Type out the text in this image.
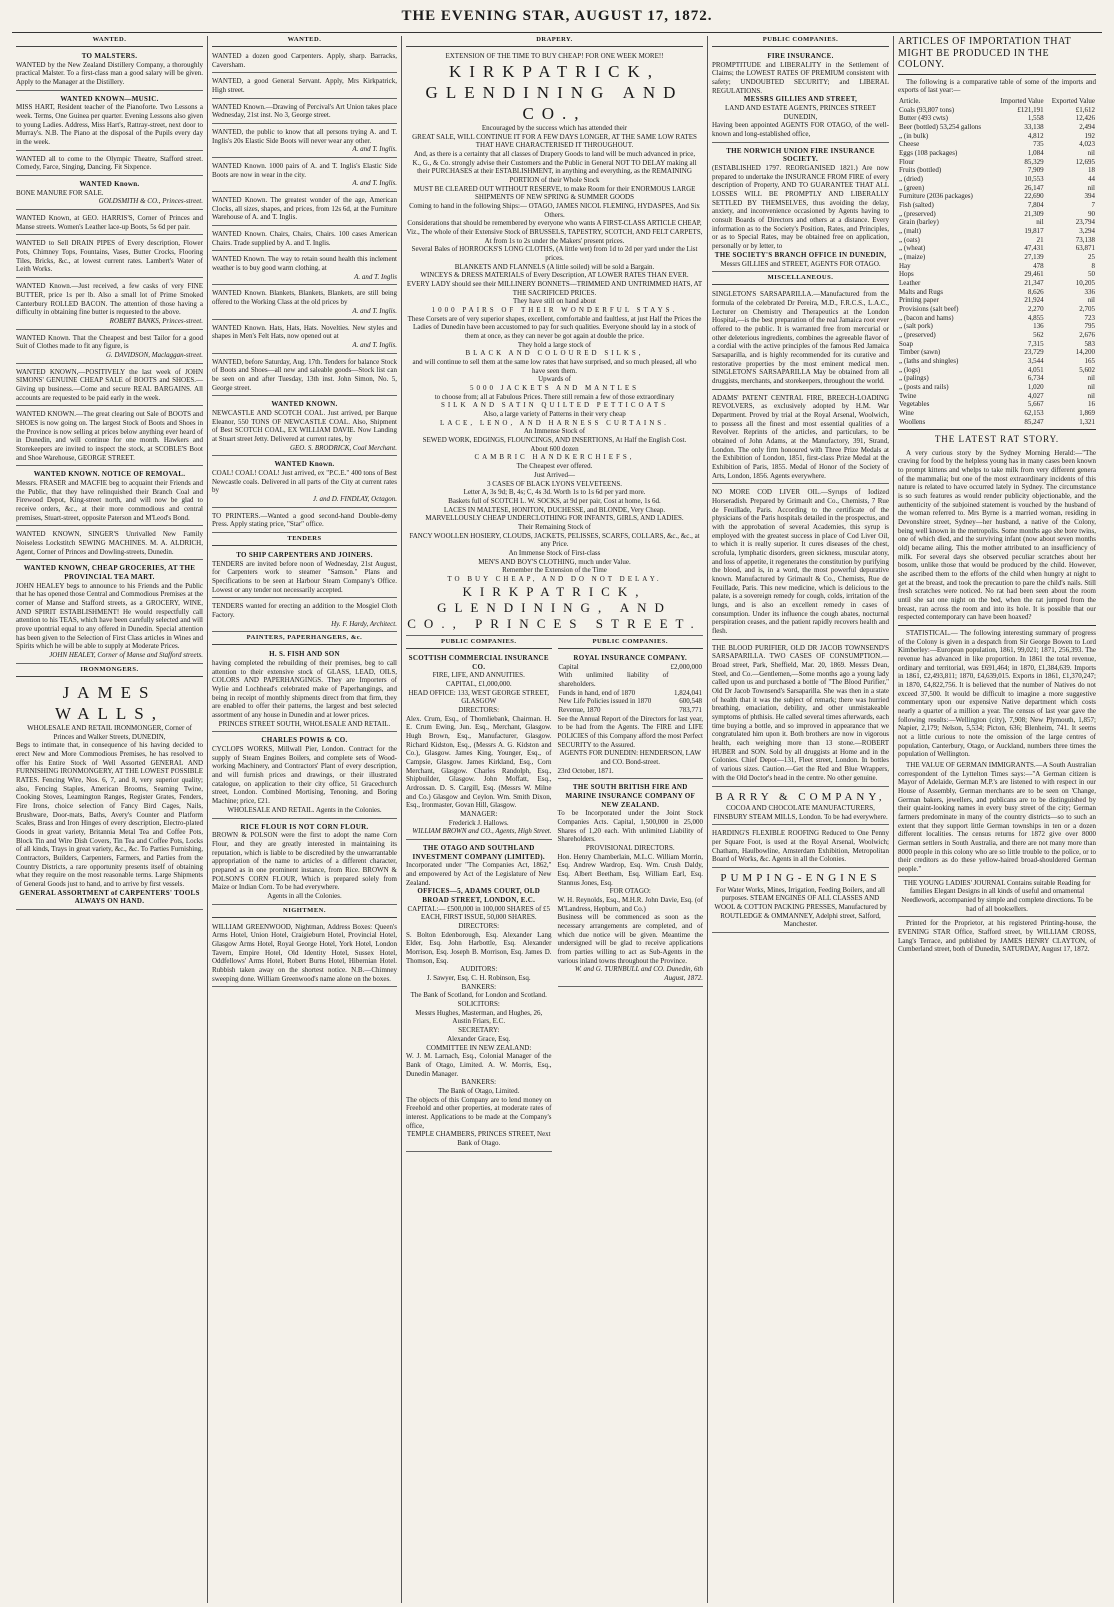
THE EVENING STAR, AUGUST 17, 1872.
WANTED.
TO MALSTERS.
WANTED by the New Zealand Distillery Company, a thoroughly practical Malster. To a first-class man a good salary will be given. Apply to the Manager at the Distillery.
WANTED KNOWN—MUSIC.
MISS HART, Resident teacher of the Pianoforte. Two Lessons a week. Terms, One Guinea per quarter. Evening Lessons also given to young Ladies. Address, Miss Hart's, Rattray-street, next door to Murray's. N.B. The Piano at the disposal of the Pupils every day in the week.
WANTED all to come to the Olympic Theatre, Stafford street. Comedy, Farce, Singing, Dancing. Fit Sixpence.
WANTED Known.
BONE MANURE FOR SALE.
GOLDSMITH & CO., Princes-street.
WANTED Known, at GEO. HARRIS'S, Corner of Princes and Manse streets. Women's Leather lace-up Boots, 5s 6d per pair.
WANTED to Sell DRAIN PIPES of Every description, Flower Pots, Chimney Tops, Fountains, Vases, Butter Crocks, Flooring Tiles, Bricks, &c., at lowest current rates. Lambert's Water of Leith Works.
WANTED Known.—Just received, a few casks of very FINE BUTTER, price 1s per lb. Also a small lot of Prime Smoked Canterbury ROLLED BACON. The attention of those having a difficulty in obtaining fine butter is requested to the above.
ROBERT BANKS, Princes-street.
WANTED Known. That the Cheapest and best Tailor for a good Suit of Clothes made to fit any figure, is
G. DAVIDSON, Maclaggan-street.
WANTED KNOWN,—POSITIVELY the last week of JOHN SIMONS' GENUINE CHEAP SALE of BOOTS and SHOES.—Giving up business.—Come and secure REAL BARGAINS. All accounts are requested to be paid early in the week.
WANTED KNOWN.—The great clearing out Sale of BOOTS and SHOES is now going on. The largest Stock of Boots and Shoes in the Province is now selling at prices below anything ever heard of in Dunedin, and will continue for one month. Hawkers and Storekeepers are invited to inspect the stock, at SCOBLE'S Boot and Shoe Warehouse, GEORGE STREET.
WANTED KNOWN. NOTICE OF REMOVAL.
Messrs. FRASER and MACFIE beg to acquaint their Friends and the Public, that they have relinquished their Branch Coal and Firewood Depot, King-street north, and will now be glad to receive orders, &c., at their more commodious and central premises, Stuart-street, opposite Paterson and M'Leod's Bond.
WANTED KNOWN, SINGER'S Unrivalled New Family Noiseless Lockstitch SEWING MACHINES. M. A. ALDRICH, Agent, Corner of Princes and Dowling-streets, Dunedin.
WANTED KNOWN, CHEAP GROCERIES, AT THE PROVINCIAL TEA MART.
JOHN HEALEY begs to announce to his Friends and the Public that he has opened those Central and Commodious Premises at the corner of Manse and Stafford streets, as a GROCERY, WINE, AND SPIRIT ESTABLISHMENT! He would respectfully call attention to his TEAS, which have been carefully selected and will prove upontrial equal to any offered in Dunedin. Special attention has been given to the Selection of First Class articles in Wines and Spirits which he will be able to supply at Moderate Prices.
JOHN HEALEY, Corner of Manse and Stafford streets.
IRONMONGERS.
JAMES WALLS,
WHOLESALE AND RETAIL IRONMONGER, Corner of Princes and Walker Streets, DUNEDIN,
Begs to intimate that, in consequence of his having decided to erect New and More Commodious Premises, he has resolved to offer his Entire Stock of Well Assorted GENERAL AND FURNISHING IRONMONGERY, AT THE LOWEST POSSIBLE RATES. Fencing Wire, Nos. 6, 7, and 8, very superior quality; also, Fencing Staples, American Brooms, Seaming Twine, Cooking Stoves, Leamington Ranges, Register Grates, Fenders, Fire Irons, choice selection of Fancy Bird Cages, Nails, Brushware, Door-mats, Baths, Avery's Counter and Platform Scales, Brass and Iron Hinges of every description, Electro-plated Goods in great variety, Britannia Metal Tea and Coffee Pots, Block Tin and Wire Dish Covers, Tin Tea and Coffee Pots, Locks of all kinds, Trays in great variety, &c., &c. To Parties Furnishing, Contractors, Builders, Carpenters, Farmers, and Parties from the Country Districts, a rare opportunity presents itself of obtaining what they require on the most reasonable terms. Large Shipments of General Goods just to hand, and to arrive by first vessels.
GENERAL ASSORTMENT of CARPENTERS' TOOLS ALWAYS ON HAND.
WANTED.
WANTED a dozen good Carpenters. Apply, sharp. Barracks, Caversham.
WANTED, a good General Servant. Apply, Mrs Kirkpatrick, High street.
WANTED Known.—Drawing of Percival's Art Union takes place Wednesday, 21st inst. No 3, George street.
WANTED, the public to know that all persons trying A. and T. Inglis's 20s Elastic Side Boots will never wear any other.
A. and T. Inglis.
WANTED Known. 1000 pairs of A. and T. Inglis's Elastic Side Boots are now in wear in the city.
A. and T. Inglis.
WANTED Known. The greatest wonder of the age, American Clocks, all sizes, shapes, and prices, from 12s 6d, at the Furniture Warehouse of A. and T. Inglis.
WANTED Known. Chairs, Chairs, Chairs. 100 cases American Chairs. Trade supplied by A. and T. Inglis.
WANTED Known. The way to retain sound health this inclement weather is to buy good warm clothing, at
A. and T. Inglis
WANTED Known. Blankets, Blankets, Blankets, are still being offered to the Working Class at the old prices by
A. and T. Inglis.
WANTED Known. Hats, Hats, Hats. Novelties. New styles and shapes in Men's Felt Hats, now opened out at
A. and T. Inglis.
WANTED, before Saturday, Aug. 17th. Tenders for balance Stock of Boots and Shoes—all new and saleable goods—Stock list can be seen on and after Tuesday, 13th inst. John Simon, No. 5, George street.
WANTED KNOWN.
NEWCASTLE AND SCOTCH COAL. Just arrived, per Barque Eleanor, 550 TONS OF NEWCASTLE COAL. Also, Shipment of Best SCOTCH COAL, EX WILLIAM DAVIE. Now Landing at Stuart street Jetty. Delivered at current rates, by
GEO. S. BRODRICK, Coal Merchant.
WANTED Known.
COAL! COAL! COAL! Just arrived, ex "P.C.E." 400 tons of Best Newcastle coals. Delivered in all parts of the City at current rates by
J. and D. FINDLAY, Octagon.
TO PRINTERS.—Wanted a good second-hand Double-demy Press. Apply stating price, "Star" office.
TENDERS
TO SHIP CARPENTERS AND JOINERS.
TENDERS are invited before noon of Wednesday, 21st August, for Carpenters work to steamer "Samson." Plans and Specifications to be seen at Harbour Steam Company's Office. Lowest or any tender not necessarily accepted.
TENDERS wanted for erecting an addition to the Mosgiel Cloth Factory.
Hy. F. Hardy, Architect.
PAINTERS, PAPERHANGERS, &c.
H. S. FISH AND SON
having completed the rebuilding of their premises, beg to call attention to their extensive stock of GLASS, LEAD, OILS, COLORS AND PAPERHANGINGS. They are Importers of Wylie and Lochhead's celebrated make of Paperhangings, and being in receipt of monthly shipments direct from that firm, they are enabled to offer their patterns, the largest and best selected assortment of any house in Dunedin and at lower prices.
PRINCES STREET SOUTH, WHOLESALE AND RETAIL.
CHARLES POWIS & CO.
CYCLOPS WORKS, Millwall Pier, London. Contract for the supply of Steam Engines Boilers, and complete sets of Wood-working Machinery, and Contractors' Plant of every description, and will furnish prices and drawings, or their illustrated catalogue, on application to their city office, 51 Gracechurch street, London. Combined Mortising, Tenoning, and Boring Machine; price, £21.
WHOLESALE AND RETAIL. Agents in the Colonies.
RICE FLOUR IS NOT CORN FLOUR.
BROWN & POLSON were the first to adopt the name Corn Flour, and they are greatly interested in maintaining its reputation, which is liable to be discredited by the unwarrantable appropriation of the name to articles of a different character, prepared as in one prominent instance, from Rice. BROWN & POLSON'S CORN FLOUR, Which is prepared solely from Maize or Indian Corn. To be had everywhere.
Agents in all the Colonies.
NIGHTMEN.
WILLIAM GREENWOOD, Nightman, Address Boxes: Queen's Arms Hotel, Union Hotel, Craigieburn Hotel, Provincial Hotel, Glasgow Arms Hotel, Royal George Hotel, York Hotel, London Tavern, Empire Hotel, Old Identity Hotel, Sussex Hotel, Oddfellows' Arms Hotel, Robert Burns Hotel, Hibernian Hotel. Rubbish taken away on the shortest notice. N.B.—Chimney sweeping done. William Greenwood's name alone on the boxes.
DRAPERY.
EXTENSION OF THE TIME TO BUY CHEAP! FOR ONE WEEK MORE!!
KIRKPATRICK, GLENDINING AND CO.,
Encouraged by the success which has attended their
GREAT SALE, WILL CONTINUE IT FOR A FEW DAYS LONGER, AT THE SAME LOW RATES THAT HAVE CHARACTERISED IT THROUGHOUT.
And, as there is a certainty that all classes of Drapery Goods to land will be much advanced in price,
K., G., & Co. strongly advise their Customers and the Public in General NOT TO DELAY making all their PURCHASES at their ESTABLISHMENT, in anything and everything, as the REMAINING PORTION of their Whole Stock
MUST BE CLEARED OUT WITHOUT RESERVE, to make Room for their ENORMOUS LARGE SHIPMENTS OF NEW SPRING & SUMMER GOODS
Coming to hand in the following Ships:— OTAGO, JAMES NICOL FLEMING, HYDASPES, And Six Others.
Considerations that should be remembered by everyone who wants A FIRST-CLASS ARTICLE CHEAP,
Viz., The whole of their Extensive Stock of BRUSSELS, TAPESTRY, SCOTCH, AND FELT CARPETS,
At from 1s to 2s under the Makers' present prices.
Several Bales of HORROCKS'S LONG CLOTHS, (A little wet) from 1d to 2d per yard under the List prices.
BLANKETS AND FLANNELS (A little soiled) will be sold a Bargain.
WINCEYS & DRESS MATERIALS of Every Description, AT LOWER RATES THAN EVER.
EVERY LADY should see their MILLINERY BONNETS—TRIMMED AND UNTRIMMED HATS, AT THE SACRIFICED PRICES.
They have still on hand about
1000 PAIRS OF THEIR WONDERFUL STAYS.
These Corsets are of very superior shapes, excellent, comfortable and faultless, at just Half the Prices the Ladies of Dunedin have been accustomed to pay for such qualities. Everyone should lay in a stock of them at once, as they can never be got again at double the price.
They hold a large stock of
BLACK AND COLOURED SILKS,
and will continue to sell them at the same low rates that have surprised, and so much pleased, all who have seen them.
Upwards of
5000 JACKETS AND MANTLES
to choose from; all at Fabulous Prices. There still remain a few of those extraordinary
SILK AND SATIN QUILTED PETTICOATS
Also, a large variety of Patterns in their very cheap
LACE, LENO, AND HARNESS CURTAINS.
An Immense Stock of
SEWED WORK, EDGINGS, FLOUNCINGS, AND INSERTIONS, At Half the English Cost.
About 600 dozen
CAMBRIC HANDKERCHIEFS,
The Cheapest ever offered.
Just Arrived—
3 CASES OF BLACK LYONS VELVETEENS.
Letter A, 3s 9d; B, 4s; C, 4s 3d. Worth 1s to 1s 6d per yard more.
Baskets full of SCOTCH L. W. SOCKS, at 9d per pair, Cost at home, 1s 6d.
LACES IN MALTESE, HONITON, DUCHESSE, and BLONDE, Very Cheap.
MARVELLOUSLY CHEAP UNDERCLOTHING FOR INFANTS, GIRLS, AND LADIES.
Their Remaining Stock of
FANCY WOOLLEN HOSIERY, CLOUDS, JACKETS, PELISSES, SCARFS, COLLARS, &c., &c., at any Price.
An Immense Stock of First-class
MEN'S AND BOY'S CLOTHING, much under Value.
Remember the Extension of the Time
TO BUY CHEAP, AND DO NOT DELAY.
KIRKPATRICK, GLENDINING, AND CO., PRINCES STREET.
PUBLIC COMPANIES.
SCOTTISH COMMERCIAL INSURANCE CO.
FIRE, LIFE, AND ANNUITIES.
CAPITAL, £1,000,000.
HEAD OFFICE: 133, WEST GEORGE STREET, GLASGOW
DIRECTORS:
Alex. Crum, Esq., of Thornliebank, Chairman. H. E. Crum Ewing, Jun. Esq., Merchant, Glasgow. Hugh Brown, Esq., Manufacturer, Glasgow. Richard Kidston, Esq., (Messrs A. G. Kidston and Co.), Glasgow. James King, Younger, Esq., of Campsie, Glasgow. James Kirkland, Esq., Corn Merchant, Glasgow. Charles Randolph, Esq., Shipbuilder, Glasgow. John Moffatt, Esq., Ardrossan. D. S. Cargill, Esq. (Messrs W. Milne and Co.) Glasgow and Ceylon. Wm. Smith Dixon, Esq., Ironmaster, Govan Hill, Glasgow.
MANAGER:
Frederick J. Hallows.
WILLIAM BROWN and CO., Agents, High Street.
THE OTAGO AND SOUTHLAND INVESTMENT COMPANY (LIMITED).
Incorporated under "The Companies Act, 1862," and empowered by Act of the Legislature of New Zealand.
OFFICES—5, ADAMS COURT, OLD BROAD STREET, LONDON, E.C.
CAPITAL:— £500,000 in 100,000 SHARES of £5 EACH, FIRST ISSUE, 50,000 SHARES.
DIRECTORS:
S. Bolton Edenborough, Esq. Alexander Lang Elder, Esq. John Harbottle, Esq. Alexander Morrison, Esq. Joseph B. Morrison, Esq. James D. Thomson, Esq.
AUDITORS:
J. Sawyer, Esq. C. H. Robinson, Esq.
BANKERS:
The Bank of Scotland, for London and Scotland.
SOLICITORS:
Messrs Hughes, Masterman, and Hughes, 26, Austin Friars, E.C.
SECRETARY:
Alexander Grace, Esq.
COMMITTEE IN NEW ZEALAND:
W. J. M. Larnach, Esq., Colonial Manager of the Bank of Otago, Limited. A. W. Morris, Esq., Dunedin Manager.
BANKERS:
The Bank of Otago, Limited.
The objects of this Company are to lend money on Freehold and other properties, at moderate rates of interest. Applications to be made at the Company's office,
TEMPLE CHAMBERS, PRINCES STREET, Next Bank of Otago.
PUBLIC COMPANIES.
ROYAL INSURANCE COMPANY.
Capital	£2,000,000
With unlimited liability of shareholders.	
Funds in hand, end of 1870	1,824,041
New Life Policies issued in 1870	600,548
Revenue, 1870	783,771
See the Annual Report of the Directors for last year, to be had from the Agents. The FIRE and LIFE POLICIES of this Company afford the most Perfect SECURITY to the Assured.
AGENTS FOR DUNEDIN: HENDERSON, LAW and CO. Bond-street.
23rd October, 1871.
THE SOUTH BRITISH FIRE AND MARINE INSURANCE COMPANY OF NEW ZEALAND.
To be Incorporated under the Joint Stock Companies Acts. Capital, 1,500,000 in 25,000 Shares of 1,20 each. With unlimited Liability of Shareholders.
PROVISIONAL DIRECTORS.
Hon. Henry Chamberlain, M.L.C. William Morrin, Esq. Andrew Wardrop, Esq. Wm. Crush Daldy, Esq. Albert Beetham, Esq. William Earl, Esq. Stannus Jones, Esq.
FOR OTAGO:
W. H. Reynolds, Esq., M.H.R. John Davie, Esq. (of M'Landress, Hepburn, and Co.)
Business will be commenced as soon as the necessary arrangements are completed, and of which due notice will be given. Meantime the undersigned will be glad to receive applications from parties willing to act as Sub-Agents in the various inland towns throughout the Province.
W. and G. TURNBULL and CO. Dunedin, 6th August, 1872.
PUBLIC COMPANIES.
FIRE INSURANCE.
PROMPTITUDE and LIBERALITY in the Settlement of Claims; the LOWEST RATES OF PREMIUM consistent with safety; UNDOUBTED SECURITY; and LIBERAL REGULATIONS.
MESSRS GILLIES AND STREET,
LAND AND ESTATE AGENTS, PRINCES STREET DUNEDIN,
Having been appointed AGENTS FOR OTAGO, of the well-known and long-established office,
THE NORWICH UNION FIRE INSURANCE SOCIETY.
(ESTABLISHED 1797. REORGANISED 1821.) Are now prepared to undertake the INSURANCE FROM FIRE of every description of Property, AND TO GUARANTEE THAT ALL LOSSES WILL BE PROMPTLY AND LIBERALLY SETTLED BY THEMSELVES, thus avoiding the delay, anxiety, and inconvenience occasioned by Agents having to consult Boards of Directors and others at a distance. Every information as to the Society's Position, Rates, and Principles, or as to Special Rates, may be obtained free on application, personally or by letter, to
THE SOCIETY'S BRANCH OFFICE IN DUNEDIN,
Messrs GILLIES and STREET, AGENTS FOR OTAGO.
MISCELLANEOUS.
SINGLETON'S SARSAPARILLA.—Manufactured from the formula of the celebrated Dr Pereira, M.D., F.R.C.S., L.A.C., Lecturer on Chemistry and Therapeutics at the London Hospital,—is the best preparation of the real Jamaica root ever offered to the public. It is warranted free from mercurial or other deleterious ingredients, combines the agreeable flavor of a cordial with the active principles of the famous Red Jamaica Sarsaparilla, and is highly recommended for its curative and restorative properties by the most eminent medical men. SINGLETON'S SARSAPARILLA May be obtained from all druggists, merchants, and storekeepers, throughout the world.
ADAMS' PATENT CENTRAL FIRE, BREECH-LOADING REVOLVERS, as exclusively adopted by H.M. War Department. Proved by trial at the Royal Arsenal, Woolwich, to possess all the finest and most essential qualities of a Revolver. Reprints of the articles, and particulars, to be obtained of John Adams, at the Manufactory, 391, Strand, London. The only firm honoured with Three Prize Medals at the Exhibition of London, 1851, first-class Prize Medal at the Exhibition of Paris, 1855. Medal of Honor of the Society of Arts, London, 1856. Agents everywhere.
NO MORE COD LIVER OIL.—Syrups of Iodized Horseradish. Prepared by Grimault and Co., Chemists, 7 Rue de Feuillade, Paris. According to the certificate of the physicians of the Paris hospitals detailed in the prospectus, and with the approbation of several Academies, this syrup is employed with the greatest success in place of Cod Liver Oil, to which it is really superior. It cures diseases of the chest, scrofula, lymphatic disorders, green sickness, muscular atony, and loss of appetite, it regenerates the constitution by purifying the blood, and is, in a word, the most powerful depurative known. Manufactured by Grimault & Co., Chemists, Rue de Feuillade, Paris. This new medicine, which is delicious to the palate, is a sovereign remedy for cough, colds, irritation of the lungs, and is also an excellent remedy in cases of consumption. Under its influence the cough abates, nocturnal perspiration ceases, and the patient rapidly recovers health and flesh.
THE BLOOD PURIFIER, OLD DR JACOB TOWNSEND'S SARSAPARILLA. TWO CASES OF CONSUMPTION.—Broad street, Park, Sheffield, Mar. 20, 1869. Messrs Dean, Steel, and Co.—Gentlemen,—Some months ago a young lady called upon us and purchased a bottle of "The Blood Purifier," Old Dr Jacob Townsend's Sarsaparilla. She was then in a state of health that it was the subject of remark; there was hurried breathing, emaciation, debility, and other unmistakeable symptoms of phthisis. He called several times afterwards, each time buying a bottle, and so improved in appearance that we congratulated him upon it. Both brothers are now in vigorous health, each weighing more than 13 stone.—ROBERT HUBER and SON. Sold by all druggists at Home and in the Colonies. Chief Depot—131, Fleet street, London. In bottles of various sizes. Caution.—Get the Red and Blue Wrappers, with the Old Doctor's head in the centre. No other genuine.
BARRY & COMPANY,
COCOA AND CHOCOLATE MANUFACTURERS, FINSBURY STEAM MILLS, London. To be had everywhere.
HARDING'S FLEXIBLE ROOFING Reduced to One Penny per Square Foot, is used at the Royal Arsenal, Woolwich; Chatham, Haulbowline, Amsterdam Exhibition, Metropolitan Board of Works, &c. Agents in all the Colonies.
PUMPING-ENGINES
For Water Works, Mines, Irrigation, Feeding Boilers, and all purposes. STEAM ENGINES OF ALL CLASSES AND WOOL & COTTON PACKING PRESSES, Manufactured by ROUTLEDGE & OMMANNEY, Adelphi street, Salford, Manchester.
ARTICLES OF IMPORTATION THAT MIGHT BE PRODUCED IN THE COLONY.
The following is a comparative table of some of the imports and exports of last year:—
Article.	Imported Value	Exported Value
Coals (93,807 tons)	£121,191	£1,612
Butter (493 cwts)	1,558	12,426
Beer (bottled) 53,254 gallons	33,138	2,494
„ (in bulk)	4,812	192
Cheese	735	4,023
Eggs (108 packages)	1,084	nil
Flour	85,329	12,695
Fruits (bottled)	7,909	18
„ (dried)	10,553	44
„ (green)	26,147	nil
Furniture (2036 packages)	22,690	394
Fish (salted)	7,804	7
„ (preserved)	21,309	90
Grain (barley)	nil	23,794
„ (malt)	19,817	3,294
„ (oats)	21	73,138
„ (wheat)	47,431	63,871
„ (maize)	27,139	25
Hay	478	8
Hops	29,461	50
Leather	21,347	10,205
Malts and Rugs	8,626	336
Printing paper	21,924	nil
Provisions (salt beef)	2,270	2,705
„ (bacon and hams)	4,855	723
„ (salt pork)	136	795
„ (preserved)	562	2,676
Soap	7,315	583
Timber (sawn)	23,729	14,200
„ (laths and shingles)	3,544	165
„ (logs)	4,051	5,602
„ (palings)	6,734	nil
„ (posts and rails)	1,020	nil
Twine	4,027	nil
Vegetables	5,667	16
Wine	62,153	1,869
Woollens	85,247	1,321
THE LATEST RAT STORY.
A very curious story by the Sydney Morning Herald:—"The craving for food by the helpless young has in many cases been known to prompt kittens and whelps to take milk from very different genera of the mammalia; but one of the most extraordinary incidents of this nature is related to have occurred lately in Sydney. The circumstance is so such features as would render publicity objectionable, and the authenticity of the subjoined statement is vouched by the husband of the woman referred to. Mrs Byrne is a married woman, residing in Devonshire street, Sydney—her husband, a native of the Colony, being well known in the metropolis. Some months ago she bore twins, one of which died, and the surviving infant (now about seven months old) became ailing. This the mother attributed to an insufficiency of milk. For several days she observed peculiar scratches about her bosom, unlike those that would be produced by the child. However, she ascribed them to the efforts of the child when hungry at night to get at the breast, and took the precaution to pare the child's nails. Still fresh scratches were noticed. No rat had been seen about the room until she sat one night on the bed, when the rat jumped from the breast, ran across the room and into its hole. It is possible that our respected contemporary can have been hoaxed?
STATISTICAL.— The following interesting summary of progress of the Colony is given in a despatch from Sir George Bowen to Lord Kimberley:—European population, 1861, 99,021; 1871, 256,393. The revenue has advanced in like proportion. In 1861 the total revenue, ordinary and territorial, was £691,464; in 1870, £1,384,639. Imports in 1861, £2,493,811; 1870, £4,639,015. Exports in 1861, £1,370,247; in 1870, £4,822,756. It is believed that the number of Natives do not exceed 37,500. It would be difficult to imagine a more suggestive commentary upon our expensive Native department which costs nearly a quarter of a million a year. The census of last year gave the following results:—Wellington (city), 7,908; New Plymouth, 1,857; Napier, 2,179; Nelson, 5,534; Picton, 636; Blenheim, 741. It seems not a little curious to note the omission of the large centres of population, Canterbury, Otago, or Auckland, numbers three times the population of Wellington.
THE VALUE OF GERMAN IMMIGRANTS.—A South Australian correspondent of the Lyttelton Times says:—"A German citizen is Mayor of Adelaide, German M.P.'s are listened to with respect in our House of Assembly, German merchants are to be seen on 'Change, German bakers, jewellers, and publicans are to be distinguished by their quaint-looking names in every busy street of the city; German farmers predominate in many of the country districts—so to such an extent that they support little German townships in ten or a dozen different localities. The census returns for 1872 give over 8000 German settlers in South Australia, and there are not many more than 8000 people in this colony who are so little trouble to the police, or to their creditors as do these yellow-haired broad-shouldered German people."
THE YOUNG LADIES' JOURNAL Contains suitable Reading for families Elegant Designs in all kinds of useful and ornamental Needlework, accompanied by simple and complete directions. To be had of all booksellers.
Printed for the Proprietor, at his registered Printing-house, the EVENING STAR Office, Stafford street, by WILLIAM CROSS, Lang's Terrace, and published by JAMES HENRY CLAYTON, of Cumberland street, both of Dunedin, SATURDAY, August 17, 1872.
